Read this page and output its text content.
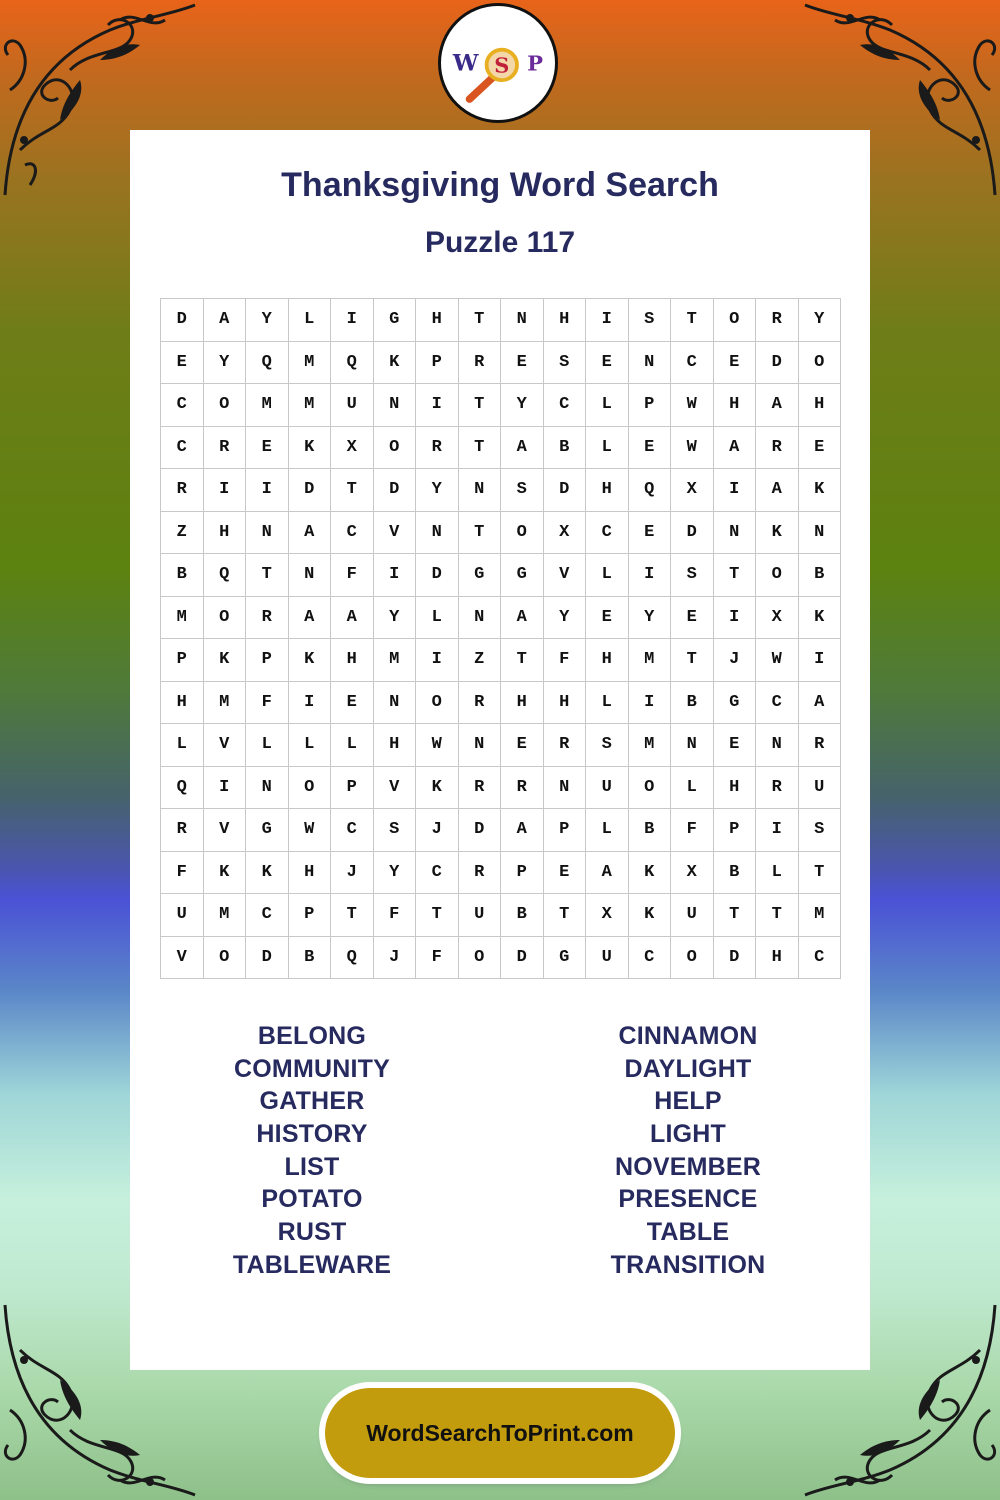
W S P
Thanksgiving Word Search
Puzzle 117
D	A	Y	L	I	G	H	T	N	H	I	S	T	O	R	Y
E	Y	Q	M	Q	K	P	R	E	S	E	N	C	E	D	O
C	O	M	M	U	N	I	T	Y	C	L	P	W	H	A	H
C	R	E	K	X	O	R	T	A	B	L	E	W	A	R	E
R	I	I	D	T	D	Y	N	S	D	H	Q	X	I	A	K
Z	H	N	A	C	V	N	T	O	X	C	E	D	N	K	N
B	Q	T	N	F	I	D	G	G	V	L	I	S	T	O	B
M	O	R	A	A	Y	L	N	A	Y	E	Y	E	I	X	K
P	K	P	K	H	M	I	Z	T	F	H	M	T	J	W	I
H	M	F	I	E	N	O	R	H	H	L	I	B	G	C	A
L	V	L	L	L	H	W	N	E	R	S	M	N	E	N	R
Q	I	N	O	P	V	K	R	R	N	U	O	L	H	R	U
R	V	G	W	C	S	J	D	A	P	L	B	F	P	I	S
F	K	K	H	J	Y	C	R	P	E	A	K	X	B	L	T
U	M	C	P	T	F	T	U	B	T	X	K	U	T	T	M
V	O	D	B	Q	J	F	O	D	G	U	C	O	D	H	C
BELONG
COMMUNITY
GATHER
HISTORY
LIST
POTATO
RUST
TABLEWARE
CINNAMON
DAYLIGHT
HELP
LIGHT
NOVEMBER
PRESENCE
TABLE
TRANSITION
WordSearchToPrint.com
